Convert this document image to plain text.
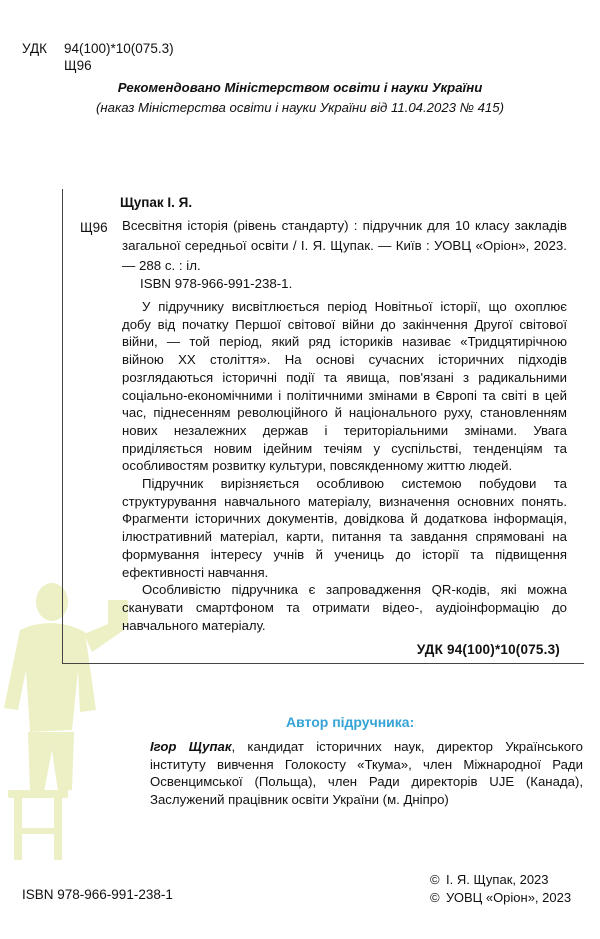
УДК	94(100)*10(075.3)
Щ96
Рекомендовано Міністерством освіти і науки України
(наказ Міністерства освіти і науки України від 11.04.2023 № 415)
Щупак І. Я.
Щ96 Всесвітня історія (рівень стандарту) : підручник для 10 класу закладів загальної середньої освіти / І. Я. Щупак. — Київ : УОВЦ «Оріон», 2023. — 288 с. : іл.
ISBN 978-966-991-238-1.

У підручнику висвітлюється період Новітньої історії, що охоплює добу від початку Першої світової війни до закінчення Другої світової війни, — той період, який ряд істориків називає «Тридцятирічною війною ХХ століття». На основі сучасних історичних підходів розглядаються історичні події та явища, пов'язані з радикальними соціально-економічними і політичними змінами в Європі та світі в цей час, піднесенням революційного й національного руху, становленням нових незалежних держав і територіальними змінами. Увага приділяється новим ідейним течіям у суспільстві, тенденціям та особливостям розвитку культури, повсякденному життю людей.

Підручник вирізняється особливою системою побудови та структурування навчального матеріалу, визначення основних понять. Фрагменти історичних документів, довідкова й додаткова інформація, ілюстративний матеріал, карти, питання та завдання спрямовані на формування інтересу учнів й учениць до історії та підвищення ефективності навчання.

Особливістю підручника є запровадження QR-кодів, які можна сканувати смартфоном та отримати відео-, аудіоінформацію до навчального матеріалу.

УДК 94(100)*10(075.3)
Автор підручника:
Ігор Щупак, кандидат історичних наук, директор Українського інституту вивчення Голокосту «Ткума», член Міжнародної Ради Освенцимської (Польща), член Ради директорів UJE (Канада), Заслужений працівник освіти України (м. Дніпро)
ISBN 978-966-991-238-1
© І. Я. Щупак, 2023
© УОВЦ «Оріон», 2023
